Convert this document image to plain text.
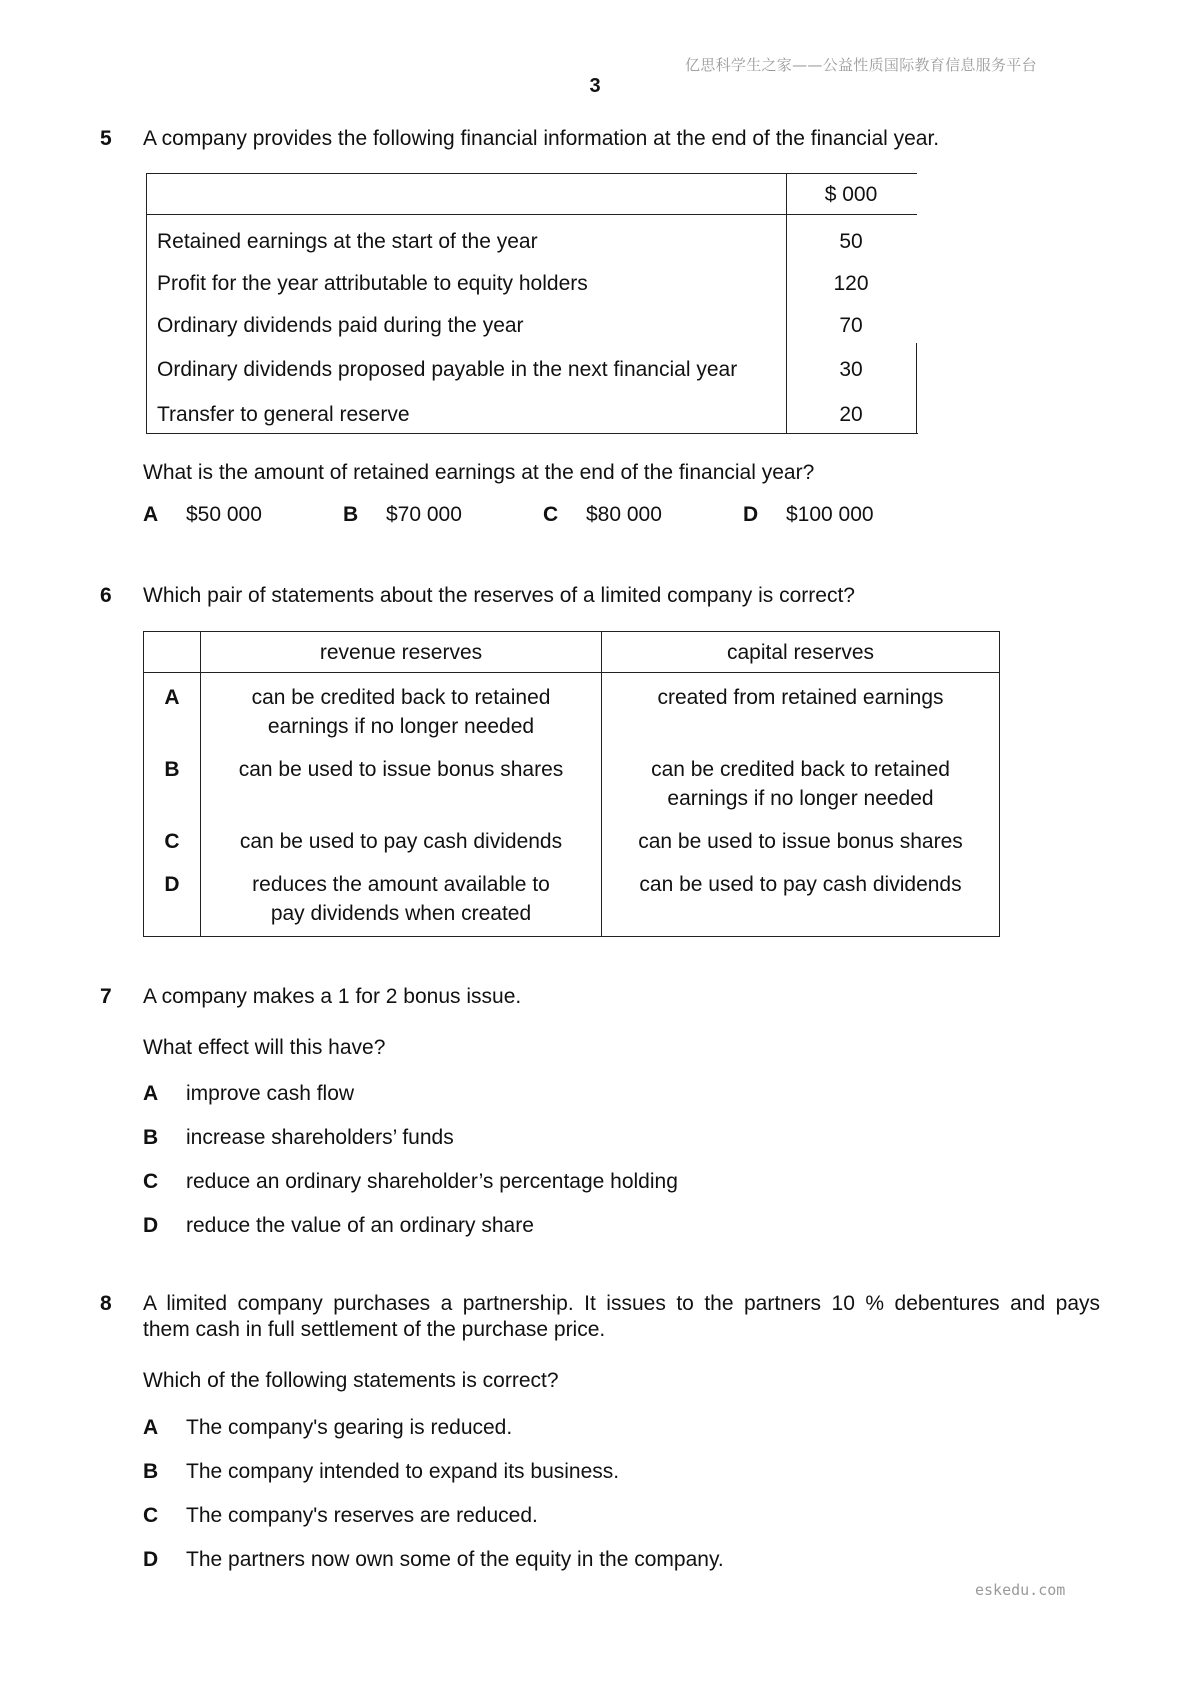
亿思科学生之家——公益性质国际教育信息服务平台
3
5 A company provides the following financial information at the end of the financial year.
$ 000
Retained earnings at the start of the year	50
Profit for the year attributable to equity holders	120
Ordinary dividends paid during the year	70
Ordinary dividends proposed payable in the next financial year	30
Transfer to general reserve	20
What is the amount of retained earnings at the end of the financial year?
A $50 000	B $70 000	C $80 000	D $100 000
6 Which pair of statements about the reserves of a limited company is correct?
	revenue reserves	capital reserves
A	can be credited back to retained earnings if no longer needed	created from retained earnings
B	can be used to issue bonus shares	can be credited back to retained earnings if no longer needed
C	can be used to pay cash dividends	can be used to issue bonus shares
D	reduces the amount available to pay dividends when created	can be used to pay cash dividends
7 A company makes a 1 for 2 bonus issue.
What effect will this have?
A improve cash flow
B increase shareholders’ funds
C reduce an ordinary shareholder’s percentage holding
D reduce the value of an ordinary share
8 A limited company purchases a partnership. It issues to the partners 10 % debentures and pays
them cash in full settlement of the purchase price.
Which of the following statements is correct?
A The company's gearing is reduced.
B The company intended to expand its business.
C The company's reserves are reduced.
D The partners now own some of the equity in the company.
eskedu.com
